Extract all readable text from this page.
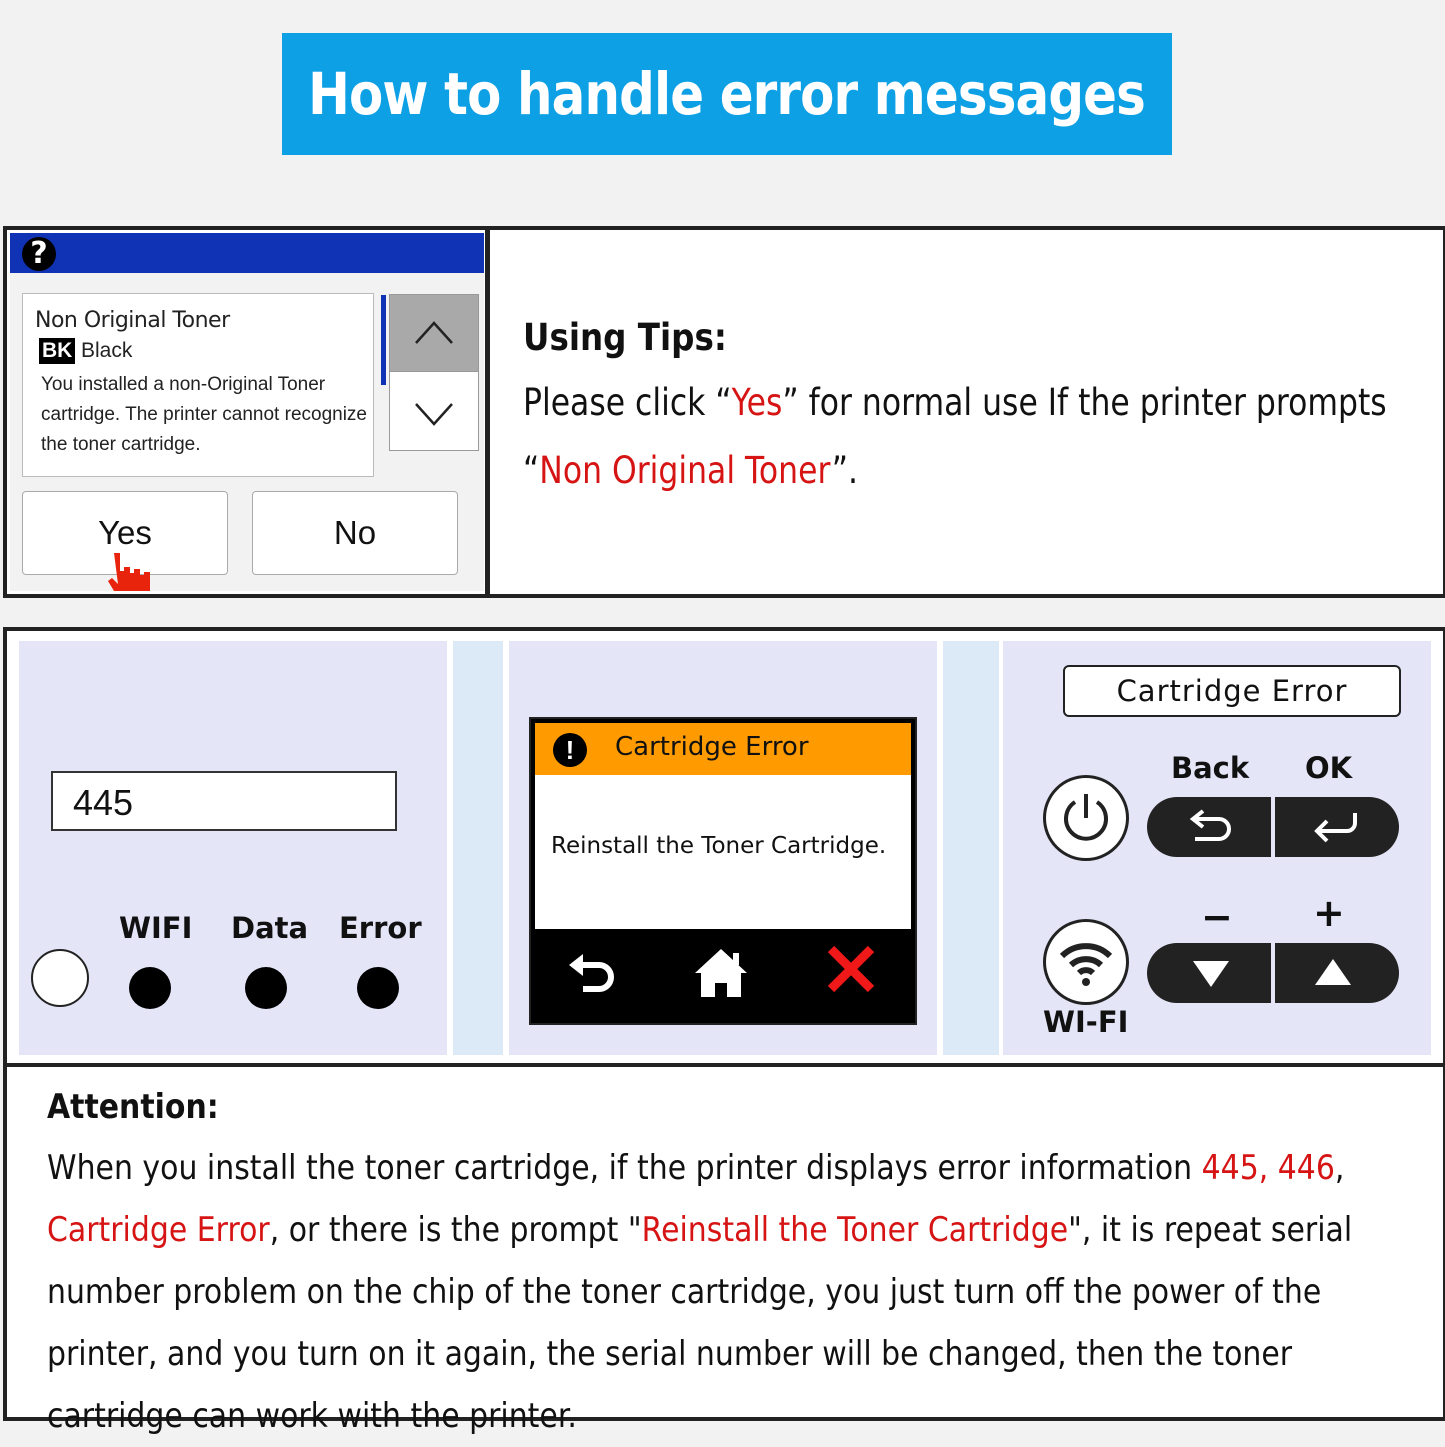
How to handle error messages
?
Non Original Toner
BK Black
You installed a non-Original Toner cartridge. The printer cannot recognize the toner cartridge.
Yes	No
Using Tips:
Please click “Yes” for normal use If the printer prompts “Non Original Toner”.
445
WIFI Data Error
!	Cartridge Error
Reinstall the Toner Cartridge.
Cartridge Error
Back OK
− +
WI-FI
Attention:
When you install the toner cartridge, if the printer displays error information 445, 446, Cartridge Error, or there is the prompt "Reinstall the Toner Cartridge", it is repeat serial number problem on the chip of the toner cartridge, you just turn off the power of the printer, and you turn on it again, the serial number will be changed, then the toner cartridge can work with the printer.
